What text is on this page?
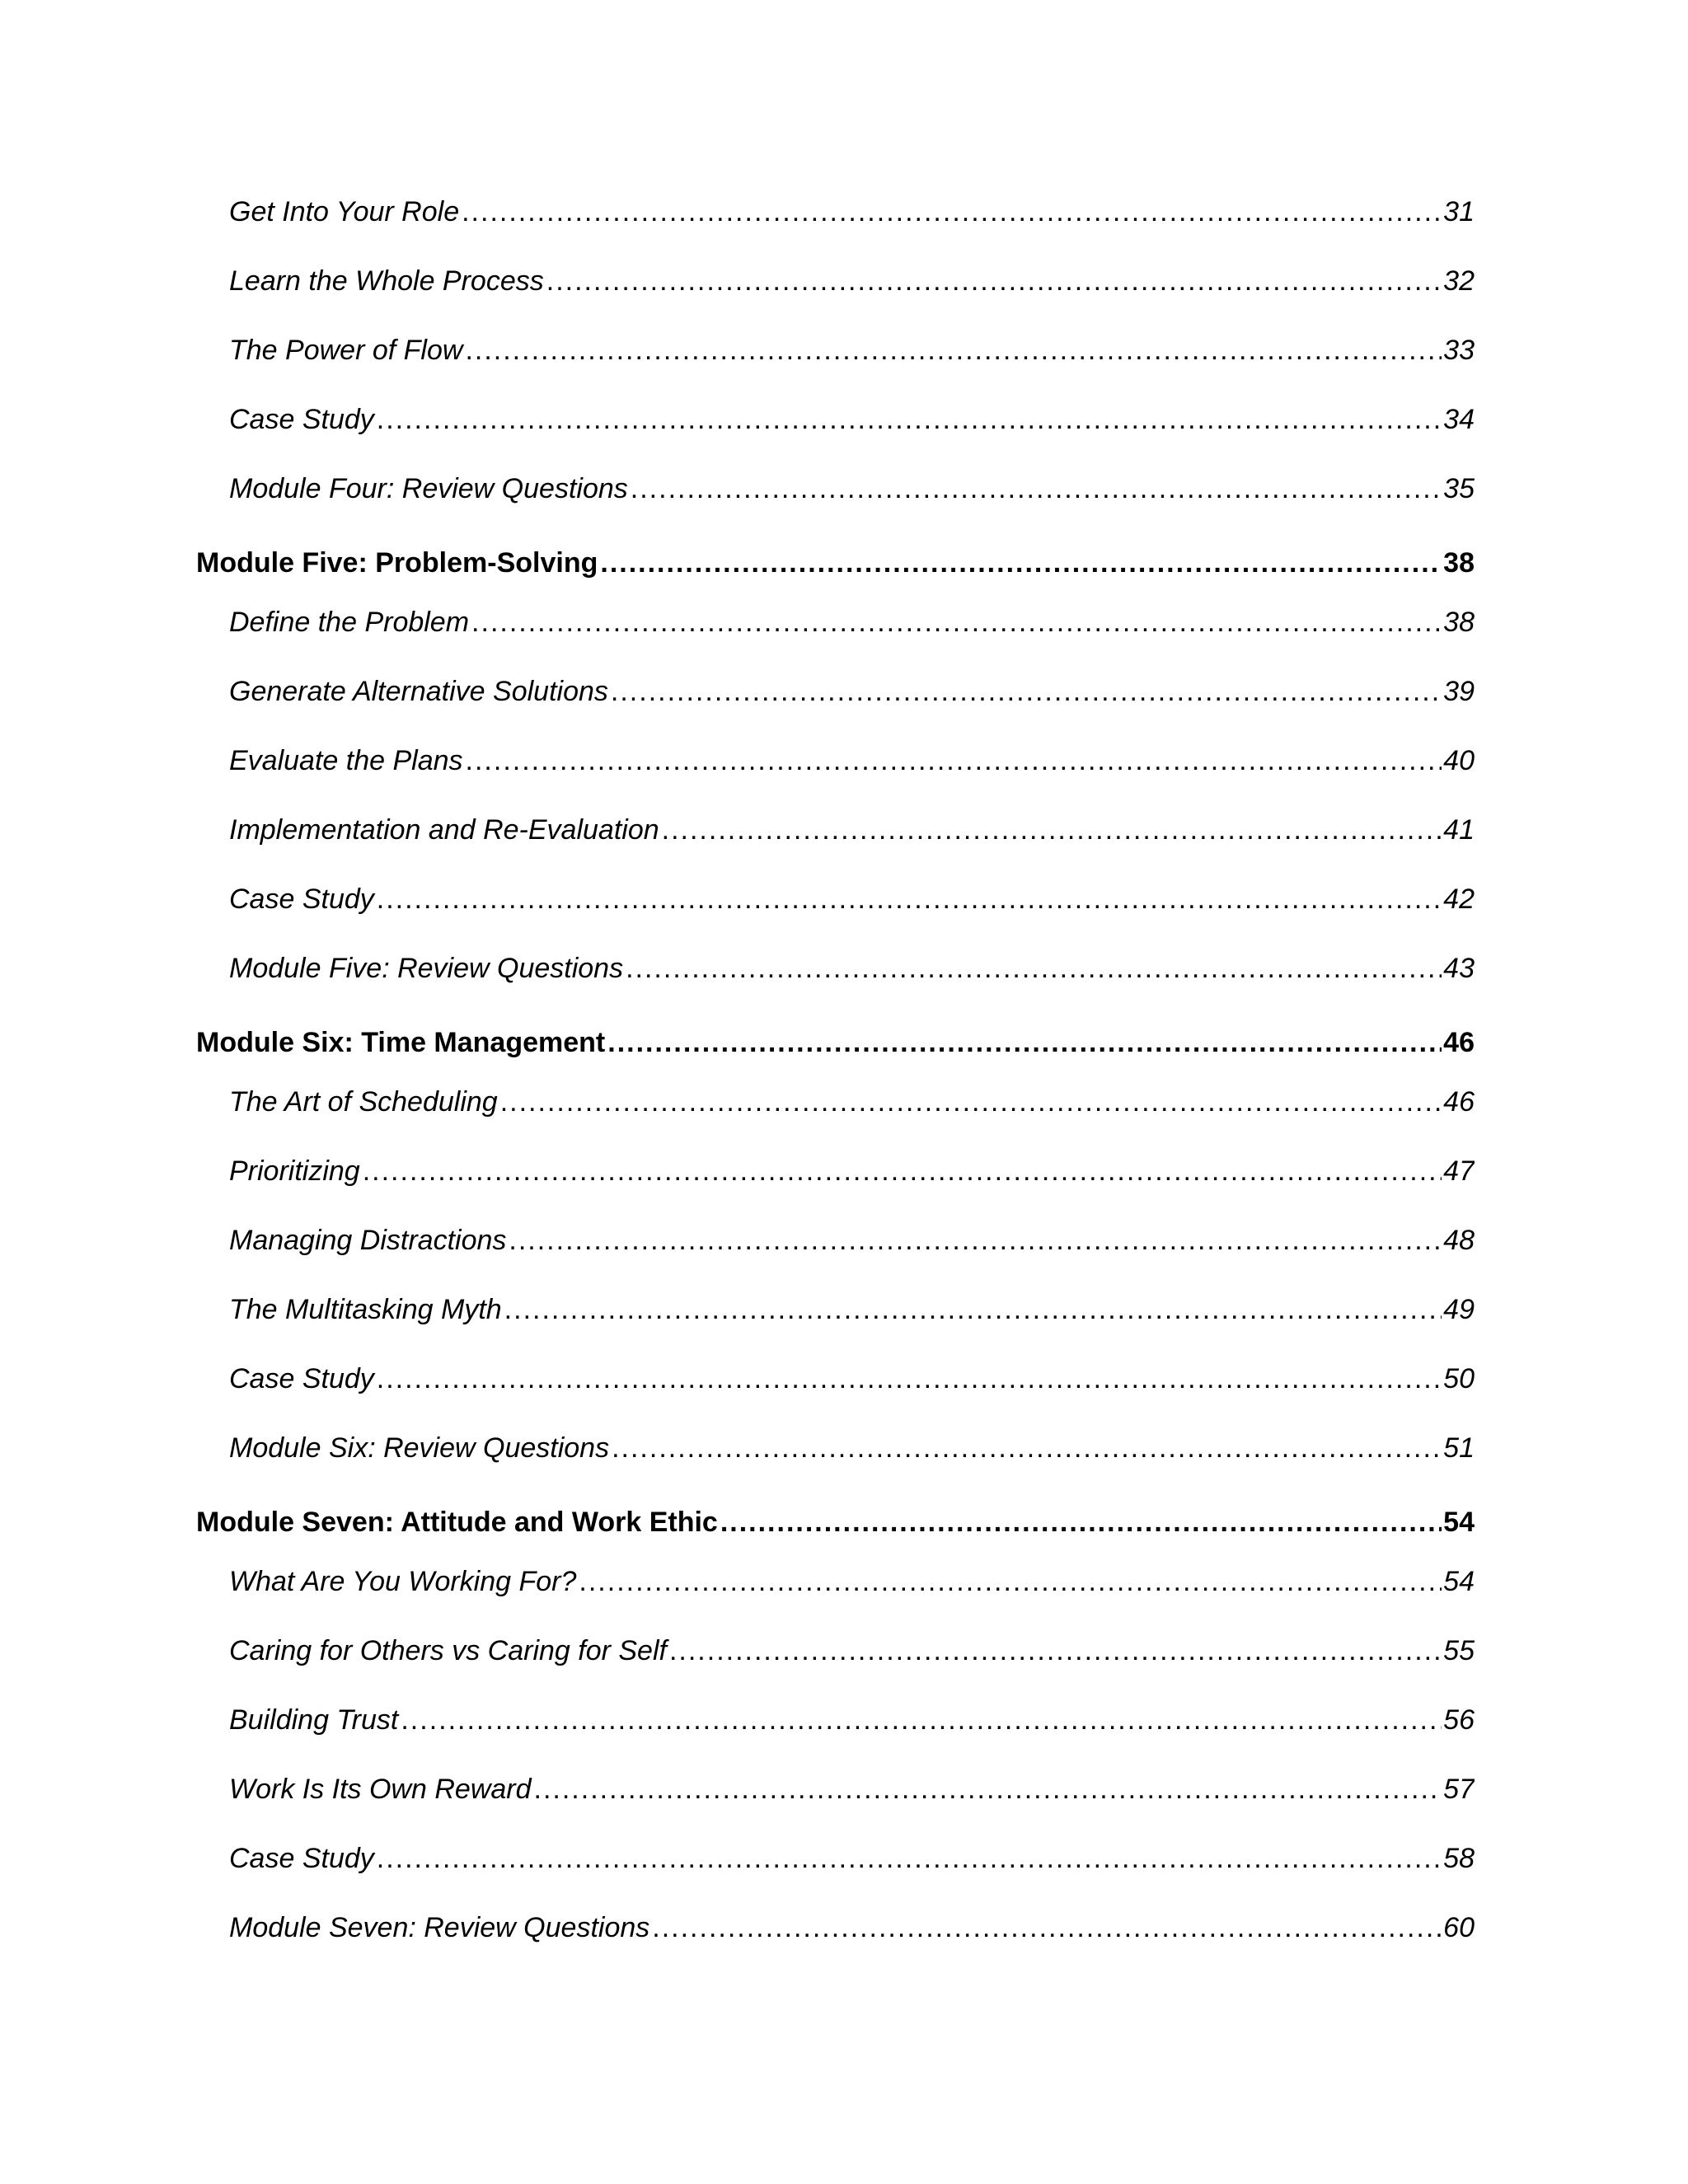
Get Into Your Role .....	31
Learn the Whole Process .....	32
The Power of Flow .....	33
Case Study .....	34
Module Four: Review Questions .....	35
Module Five: Problem-Solving .....	38
Define the Problem .....	38
Generate Alternative Solutions .....	39
Evaluate the Plans .....	40
Implementation and Re-Evaluation .....	41
Case Study .....	42
Module Five: Review Questions .....	43
Module Six: Time Management .....	46
The Art of Scheduling .....	46
Prioritizing .....	47
Managing Distractions .....	48
The Multitasking Myth .....	49
Case Study .....	50
Module Six: Review Questions .....	51
Module Seven: Attitude and Work Ethic .....	54
What Are You Working For? .....	54
Caring for Others vs Caring for Self .....	55
Building Trust .....	56
Work Is Its Own Reward .....	57
Case Study .....	58
Module Seven: Review Questions .....	60
